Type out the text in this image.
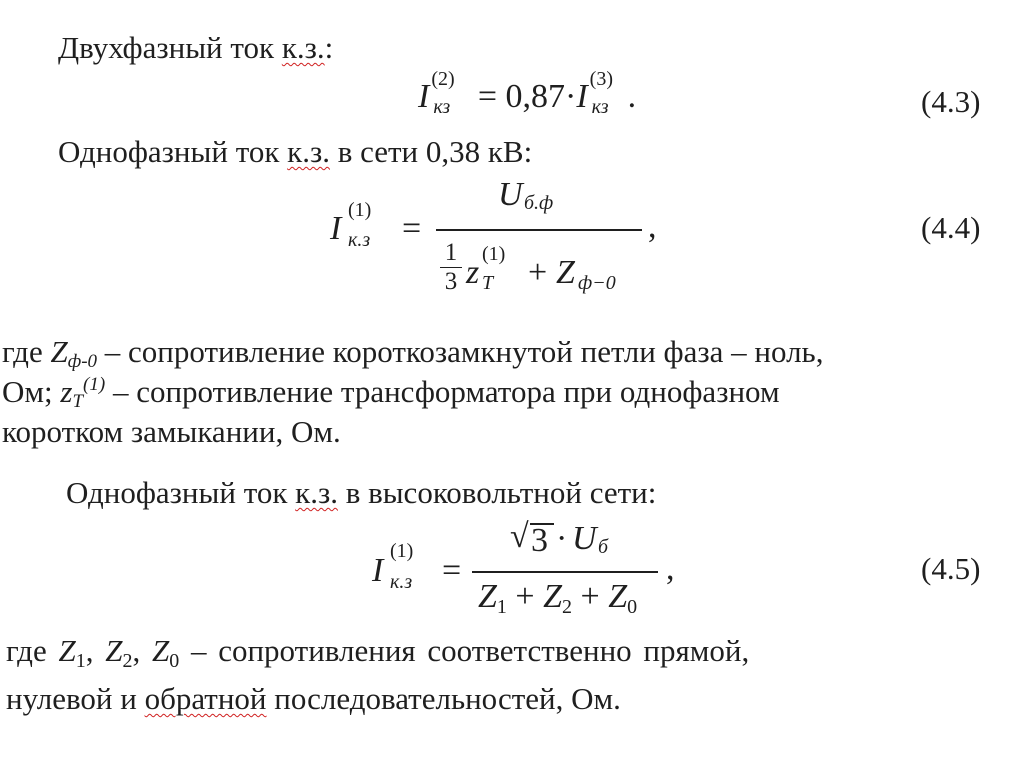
Двухфазный ток к.з.:
I (2)
кз = 0,87·I (3)
кз .	(4.3)
Однофазный ток к.з. в сети 0,38 кВ:
I (1)
к.з =
U б.ф
1
3 z (1)
T + Z ф−0
,	(4.4)
где Zф-0 – сопротивление короткозамкнутой петли фаза – ноль,
Ом; $zT^{(1)}$ – сопротивление трансформатора при однофазном
коротком замыкании, Ом.
Однофазный ток к.з. в высоковольтной сети:
I
(1)
к.з =
√ 3 · U б
Z1 + Z2 + Z0
,	(4.5)
где Z1, Z2, Z0 – сопротивления соответственно прямой,
нулевой и обратной последовательностей, Ом.
